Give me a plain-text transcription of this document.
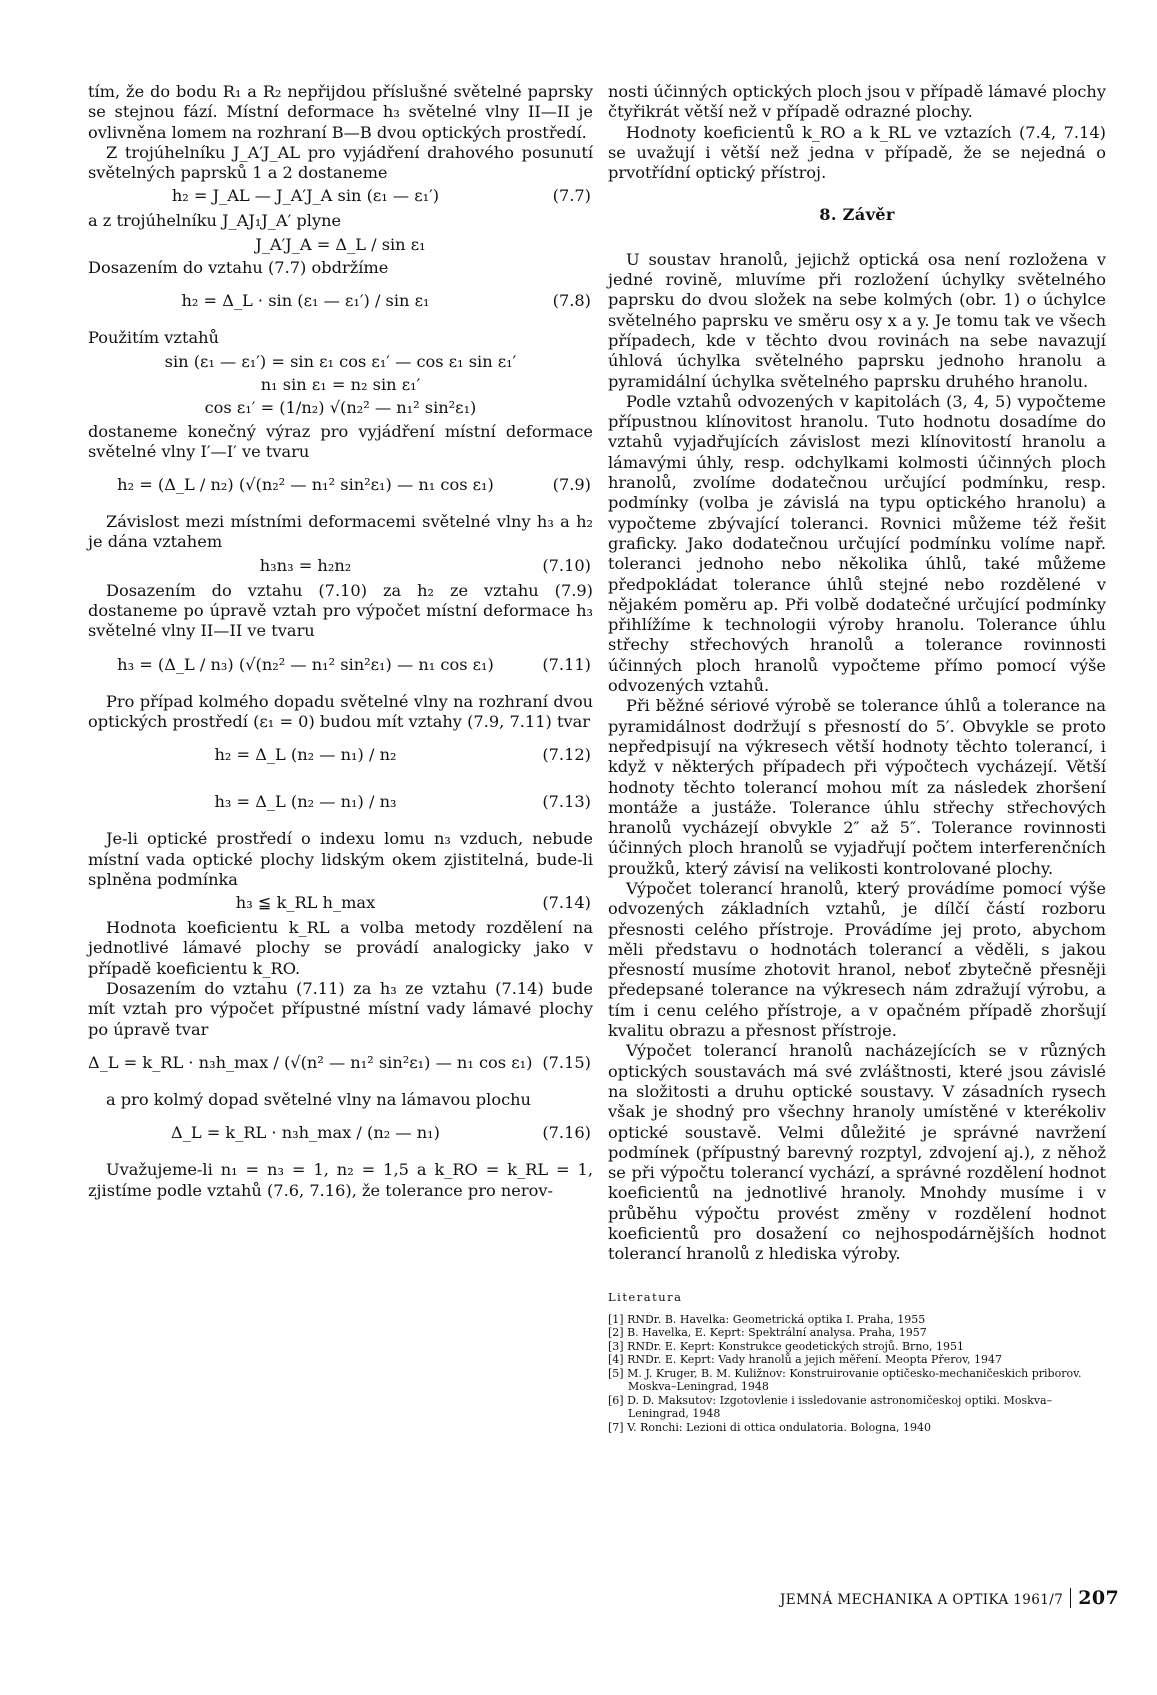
tím, že do bodu R₁ a R₂ nepřijdou příslušné světelné paprsky se stejnou fází. Místní deformace h₃ světelné vlny II—II je ovlivněna lomem na rozhraní B—B dvou optických prostředí.

Z trojúhelníku J_A′J_AL pro vyjádření drahového posunutí světelných paprsků 1 a 2 dostaneme

h₂ = J_AL — J_A′J_A sin (ε₁ — ε₁′)	(7.7)

a z trojúhelníku J_AJ₁J_A′ plyne

J_A′J_A = Δ_L / sin ε₁

Dosazením do vztahu (7.7) obdržíme

h₂ = Δ_L · sin (ε₁ — ε₁′) / sin ε₁	(7.8)

Použitím vztahů

sin (ε₁ — ε₁′) = sin ε₁ cos ε₁′ — cos ε₁ sin ε₁′
n₁ sin ε₁ = n₂ sin ε₁′
cos ε₁′ = (1/n₂) √(n₂² — n₁² sin²ε₁)

dostaneme konečný výraz pro vyjádření místní deformace světelné vlny I′—I′ ve tvaru

h₂ = (Δ_L / n₂) (√(n₂² — n₁² sin²ε₁) — n₁ cos ε₁)	(7.9)

Závislost mezi místními deformacemi světelné vlny h₃ a h₂ je dána vztahem

h₃n₃ = h₂n₂	(7.10)

Dosazením do vztahu (7.10) za h₂ ze vztahu (7.9) dostaneme po úpravě vztah pro výpočet místní deformace h₃ světelné vlny II—II ve tvaru

h₃ = (Δ_L / n₃) (√(n₂² — n₁² sin²ε₁) — n₁ cos ε₁)	(7.11)

Pro případ kolmého dopadu světelné vlny na rozhraní dvou optických prostředí (ε₁ = 0) budou mít vztahy (7.9, 7.11) tvar

h₂ = Δ_L (n₂ — n₁) / n₂	(7.12)
h₃ = Δ_L (n₂ — n₁) / n₃	(7.13)

Je-li optické prostředí o indexu lomu n₃ vzduch, nebude místní vada optické plochy lidským okem zjistitelná, bude-li splněna podmínka

h₃ ≦ k_RL h_max	(7.14)

Hodnota koeficientu k_RL a volba metody rozdělení na jednotlivé lámavé plochy se provádí analogicky jako v případě koeficientu k_RO.

Dosazením do vztahu (7.11) za h₃ ze vztahu (7.14) bude mít vztah pro výpočet přípustné místní vady lámavé plochy po úpravě tvar

Δ_L = k_RL · n₃h_max / (√(n² — n₁² sin²ε₁) — n₁ cos ε₁) (7.15)

a pro kolmý dopad světelné vlny na lámavou plochu

Δ_L = k_RL · n₃h_max / (n₂ — n₁)	(7.16)

Uvažujeme-li n₁ = n₃ = 1, n₂ = 1,5 a k_RO = k_RL = 1, zjistíme podle vztahů (7.6, 7.16), že tolerance pro nerov-

nosti účinných optických ploch jsou v případě lámavé plochy čtyřikrát větší než v případě odrazné plochy.

Hodnoty koeficientů k_RO a k_RL ve vztazích (7.4, 7.14) se uvažují i větší než jedna v případě, že se nejedná o prvotřídní optický přístroj.

8. Závěr

U soustav hranolů, jejichž optická osa není rozložena v jedné rovině, mluvíme při rozložení úchylky světelného paprsku do dvou složek na sebe kolmých (obr. 1) o úchylce světelného paprsku ve směru osy x a y. Je tomu tak ve všech případech, kde v těchto dvou rovinách na sebe navazují úhlová úchylka světelného paprsku jednoho hranolu a pyramidální úchylka světelného paprsku druhého hranolu.

Podle vztahů odvozených v kapitolách (3, 4, 5) vypočteme přípustnou klínovitost hranolu. Tuto hodnotu dosadíme do vztahů vyjadřujících závislost mezi klínovitostí hranolu a lámavými úhly, resp. odchylkami kolmosti účinných ploch hranolů, zvolíme dodatečnou určující podmínku, resp. podmínky (volba je závislá na typu optického hranolu) a vypočteme zbývající toleranci. Rovnici můžeme též řešit graficky. Jako dodatečnou určující podmínku volíme např. toleranci jednoho nebo několika úhlů, také můžeme předpokládat tolerance úhlů stejné nebo rozdělené v nějakém poměru ap. Při volbě dodatečné určující podmínky přihlížíme k technologii výroby hranolu. Tolerance úhlu střechy střechových hranolů a tolerance rovinnosti účinných ploch hranolů vypočteme přímo pomocí výše odvozených vztahů.

Při běžné sériové výrobě se tolerance úhlů a tolerance na pyramidálnost dodržují s přesností do 5′. Obvykle se proto nepředpisují na výkresech větší hodnoty těchto tolerancí, i když v některých případech při výpočtech vycházejí. Větší hodnoty těchto tolerancí mohou mít za následek zhoršení montáže a justáže. Tolerance úhlu střechy střechových hranolů vycházejí obvykle 2″ až 5″. Tolerance rovinnosti účinných ploch hranolů se vyjadřují počtem interferenčních proužků, který závisí na velikosti kontrolované plochy.

Výpočet tolerancí hranolů, který provádíme pomocí výše odvozených základních vztahů, je dílčí částí rozboru přesnosti celého přístroje. Provádíme jej proto, abychom měli představu o hodnotách tolerancí a věděli, s jakou přesností musíme zhotovit hranol, neboť zbytečně přesněji předepsané tolerance na výkresech nám zdražují výrobu, a tím i cenu celého přístroje, a v opačném případě zhoršují kvalitu obrazu a přesnost přístroje.

Výpočet tolerancí hranolů nacházejících se v různých optických soustavách má své zvláštnosti, které jsou závislé na složitosti a druhu optické soustavy. V zásadních rysech však je shodný pro všechny hranoly umístěné v kterékoliv optické soustavě. Velmi důležité je správné navržení podmínek (přípustný barevný rozptyl, zdvojení aj.), z něhož se při výpočtu tolerancí vychází, a správné rozdělení hodnot koeficientů na jednotlivé hranoly. Mnohdy musíme i v průběhu výpočtu provést změny v rozdělení hodnot koeficientů pro dosažení co nejhospodárnějších hodnot tolerancí hranolů z hlediska výroby.

Literatura
[1] RNDr. B. Havelka: Geometrická optika I. Praha, 1955
[2] B. Havelka, E. Keprt: Spektrální analysa. Praha, 1957
[3] RNDr. E. Keprt: Konstrukce geodetických strojů. Brno, 1951
[4] RNDr. E. Keprt: Vady hranolů a jejich měření. Meopta Přerov, 1947
[5] M. J. Kruger, B. M. Kuližnov: Konstruirovanie optičesko-mechaničeskich priborov. Moskva–Leningrad, 1948
[6] D. D. Maksutov: Izgotovlenie i issledovanie astronomičeskoj optiki. Moskva–Leningrad, 1948
[7] V. Ronchi: Lezioni di ottica ondulatoria. Bologna, 1940
JEMNÁ MECHANIKA A OPTIKA 1961/7 207
